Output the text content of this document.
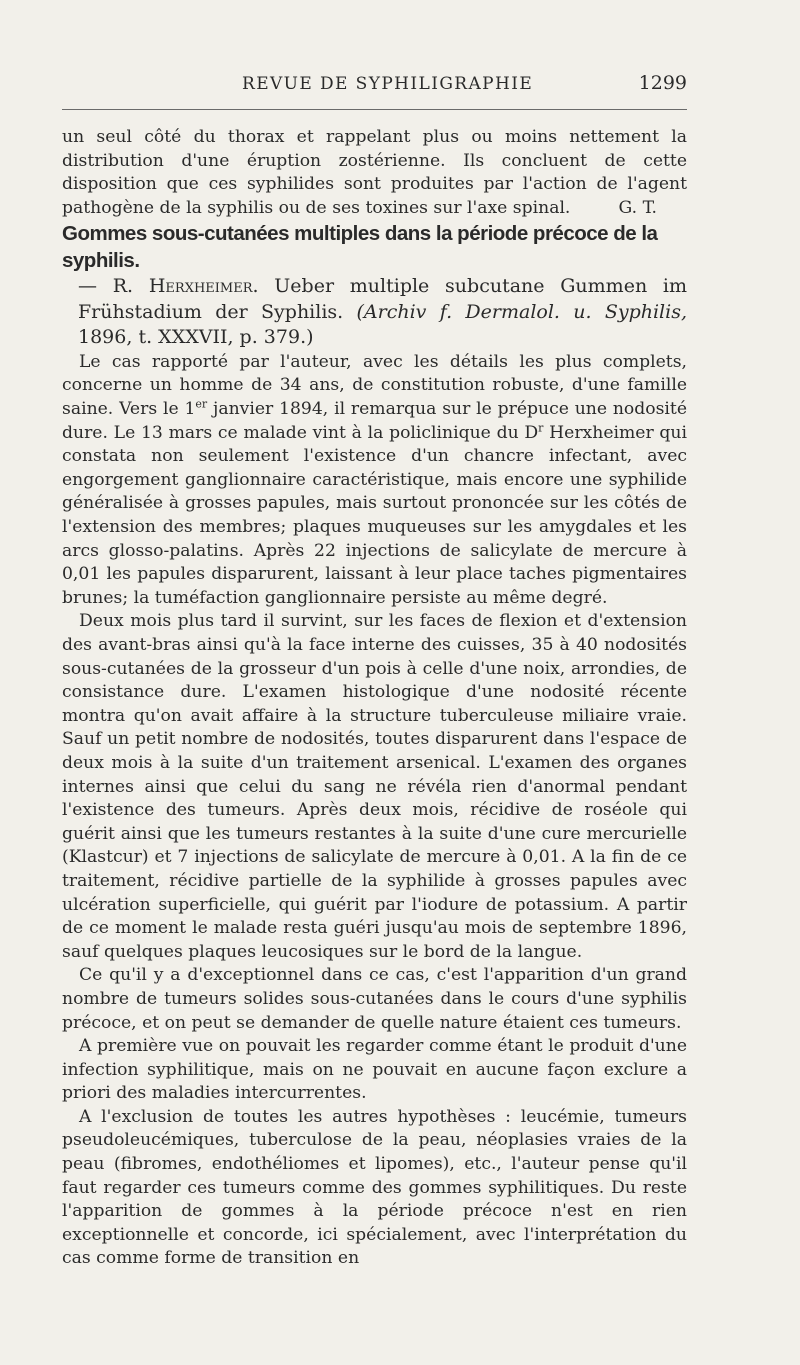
REVUE DE SYPHILIGRAPHIE	1299

un seul côté du thorax et rappelant plus ou moins nettement la distribution d'une éruption zostérienne. Ils concluent de cette disposition que ces syphilides sont produites par l'action de l'agent pathogène de la syphilis ou de ses toxines sur l'axe spinal.	G. T.

Gommes sous-cutanées multiples dans la période précoce de la syphilis.

— R. Herxheimer. Ueber multiple subcutane Gummen im Frühstadium der Syphilis. (Archiv f. Dermalol. u. Syphilis, 1896, t. XXXVII, p. 379.)

Le cas rapporté par l'auteur, avec les détails les plus complets, concerne un homme de 34 ans, de constitution robuste, d'une famille saine. Vers le 1er janvier 1894, il remarqua sur le prépuce une nodosité dure. Le 13 mars ce malade vint à la policlinique du $D^r$ Herxheimer qui constata non seulement l'existence d'un chancre infectant, avec engorgement ganglionnaire caractéristique, mais encore une syphilide généralisée à grosses papules, mais surtout prononcée sur les côtés de l'extension des membres; plaques muqueuses sur les amygdales et les arcs glosso-palatins. Après 22 injections de salicylate de mercure à 0,01 les papules disparurent, laissant à leur place taches pigmentaires brunes; la tuméfaction ganglionnaire persiste au même degré.

Deux mois plus tard il survint, sur les faces de flexion et d'extension des avant-bras ainsi qu'à la face interne des cuisses, 35 à 40 nodosités sous-cutanées de la grosseur d'un pois à celle d'une noix, arrondies, de consistance dure. L'examen histologique d'une nodosité récente montra qu'on avait affaire à la structure tuberculeuse miliaire vraie. Sauf un petit nombre de nodosités, toutes disparurent dans l'espace de deux mois à la suite d'un traitement arsenical. L'examen des organes internes ainsi que celui du sang ne révéla rien d'anormal pendant l'existence des tumeurs. Après deux mois, récidive de roséole qui guérit ainsi que les tumeurs restantes à la suite d'une cure mercurielle (Klastcur) et 7 injections de salicylate de mercure à 0,01. A la fin de ce traitement, récidive partielle de la syphilide à grosses papules avec ulcération superficielle, qui guérit par l'iodure de potassium. A partir de ce moment le malade resta guéri jusqu'au mois de septembre 1896, sauf quelques plaques leucosiques sur le bord de la langue.

Ce qu'il y a d'exceptionnel dans ce cas, c'est l'apparition d'un grand nombre de tumeurs solides sous-cutanées dans le cours d'une syphilis précoce, et on peut se demander de quelle nature étaient ces tumeurs.

A première vue on pouvait les regarder comme étant le produit d'une infection syphilitique, mais on ne pouvait en aucune façon exclure a priori des maladies intercurrentes.

A l'exclusion de toutes les autres hypothèses : leucémie, tumeurs pseudoleucémiques, tuberculose de la peau, néoplasies vraies de la peau (fibromes, endothéliomes et lipomes), etc., l'auteur pense qu'il faut regarder ces tumeurs comme des gommes syphilitiques. Du reste l'apparition de gommes à la période précoce n'est en rien exceptionnelle et concorde, ici spécialement, avec l'interprétation du cas comme forme de transition en
